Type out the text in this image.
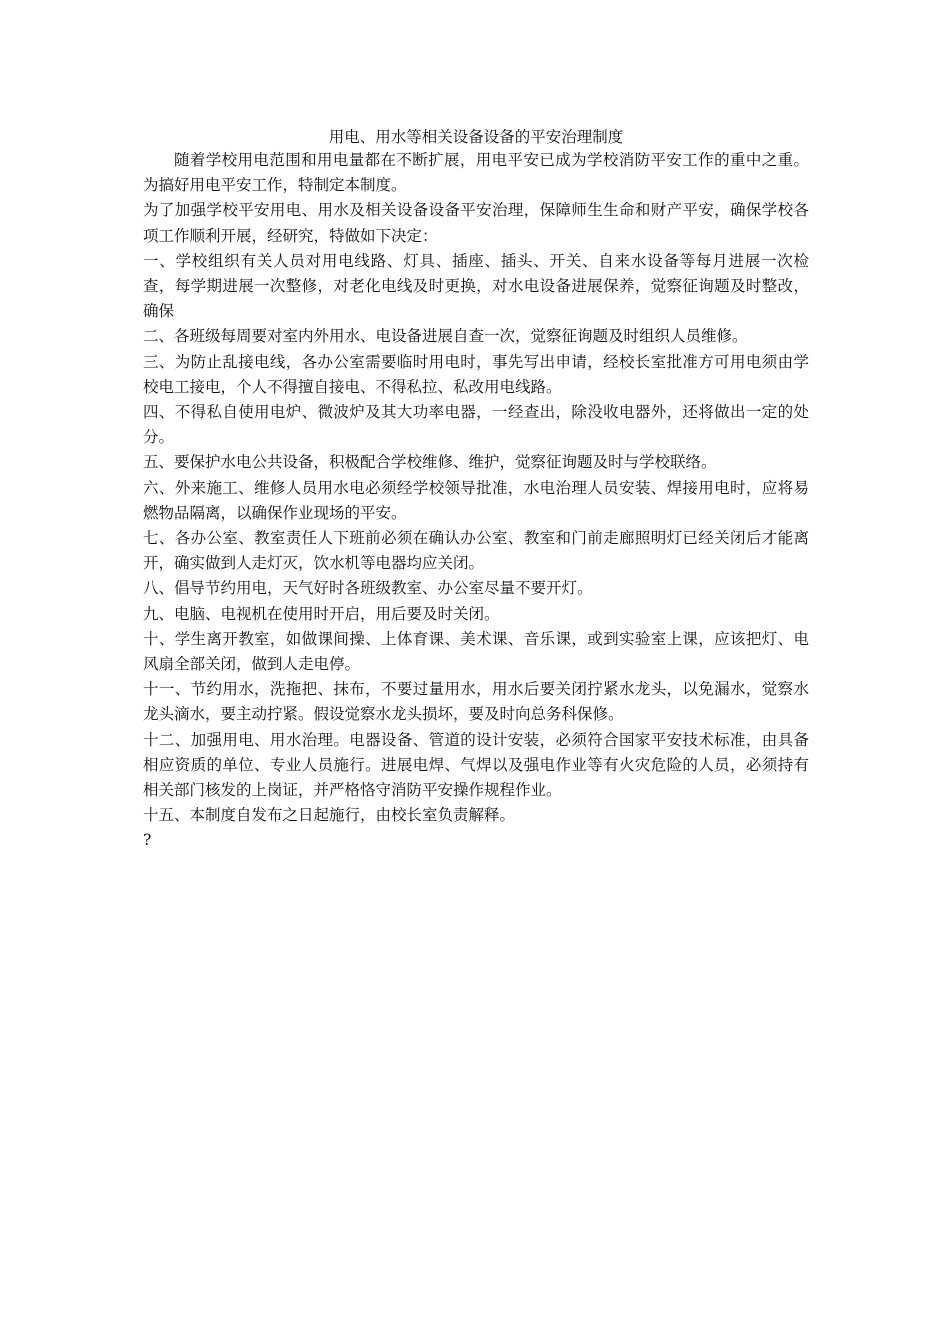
用电、用水等相关设备设备的平安治理制度

随着学校用电范围和用电量都在不断扩展，用电平安已成为学校消防平安工作的重中之重。为搞好用电平安工作，特制定本制度。

为了加强学校平安用电、用水及相关设备设备平安治理，保障师生生命和财产平安，确保学校各项工作顺利开展，经研究，特做如下决定：

一、学校组织有关人员对用电线路、灯具、插座、插头、开关、自来水设备等每月进展一次检查，每学期进展一次整修，对老化电线及时更换，对水电设备进展保养，觉察征询题及时整改，确保

二、各班级每周要对室内外用水、电设备进展自查一次，觉察征询题及时组织人员维修。

三、为防止乱接电线，各办公室需要临时用电时，事先写出申请，经校长室批准方可用电须由学校电工接电，个人不得擅自接电、不得私拉、私改用电线路。

四、不得私自使用电炉、微波炉及其大功率电器，一经查出，除没收电器外，还将做出一定的处分。

五、要保护水电公共设备，积极配合学校维修、维护，觉察征询题及时与学校联络。

六、外来施工、维修人员用水电必须经学校领导批准，水电治理人员安装、焊接用电时，应将易燃物品隔离，以确保作业现场的平安。

七、各办公室、教室责任人下班前必须在确认办公室、教室和门前走廊照明灯已经关闭后才能离开，确实做到人走灯灭，饮水机等电器均应关闭。

八、倡导节约用电，天气好时各班级教室、办公室尽量不要开灯。

九、电脑、电视机在使用时开启，用后要及时关闭。

十、学生离开教室，如做课间操、上体育课、美术课、音乐课，或到实验室上课，应该把灯、电风扇全部关闭，做到人走电停。

十一、节约用水，洗拖把、抹布，不要过量用水，用水后要关闭拧紧水龙头，以免漏水，觉察水龙头滴水，要主动拧紧。假设觉察水龙头损坏，要及时向总务科保修。

十二、加强用电、用水治理。电器设备、管道的设计安装，必须符合国家平安技术标准，由具备相应资质的单位、专业人员施行。进展电焊、气焊以及强电作业等有火灾危险的人员，必须持有相关部门核发的上岗证，并严格恪守消防平安操作规程作业。

十五、本制度自发布之日起施行，由校长室负责解释。

?
